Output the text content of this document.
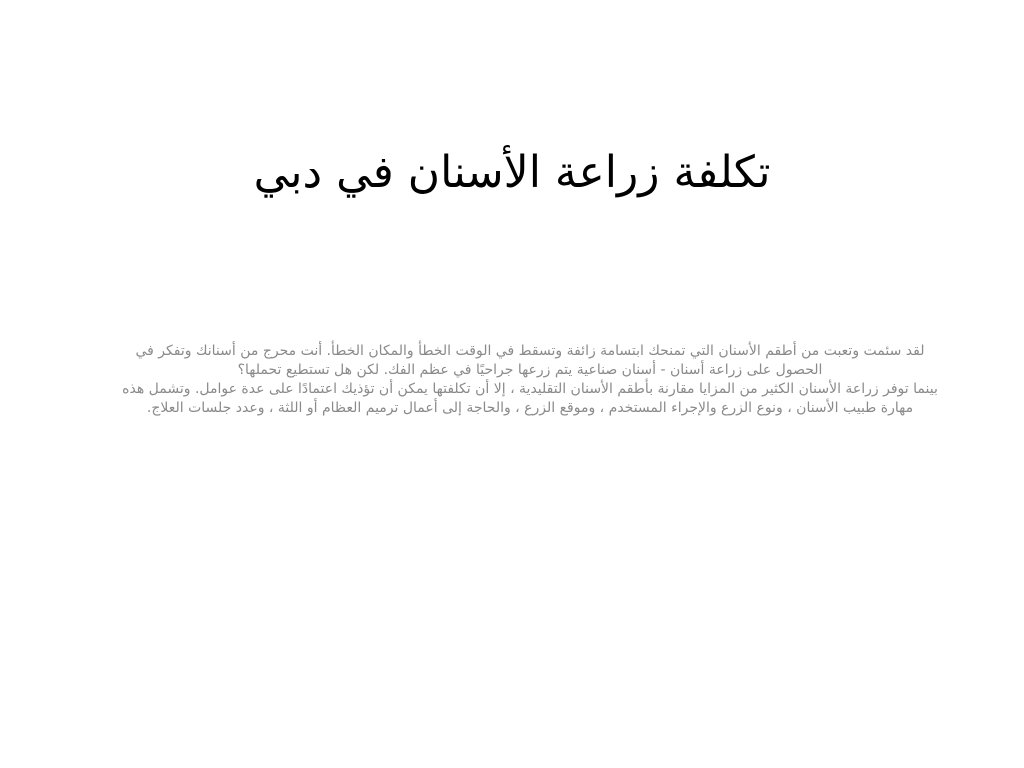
تكلفة زراعة الأسنان في دبي

لقد سئمت وتعبت من أطقم الأسنان التي تمنحك ابتسامة زائفة وتسقط في الوقت الخطأ والمكان الخطأ. أنت محرج من أسنانك وتفكر في الحصول على زراعة أسنان - أسنان صناعية يتم زرعها جراحيًا في عظم الفك. لكن هل تستطيع تحملها؟

بينما توفر زراعة الأسنان الكثير من المزايا مقارنة بأطقم الأسنان التقليدية ، إلا أن تكلفتها يمكن أن تؤذيك اعتمادًا على عدة عوامل. وتشمل هذه مهارة طبيب الأسنان ، ونوع الزرع والإجراء المستخدم ، وموقع الزرع ، والحاجة إلى أعمال ترميم العظام أو اللثة ، وعدد جلسات العلاج.
